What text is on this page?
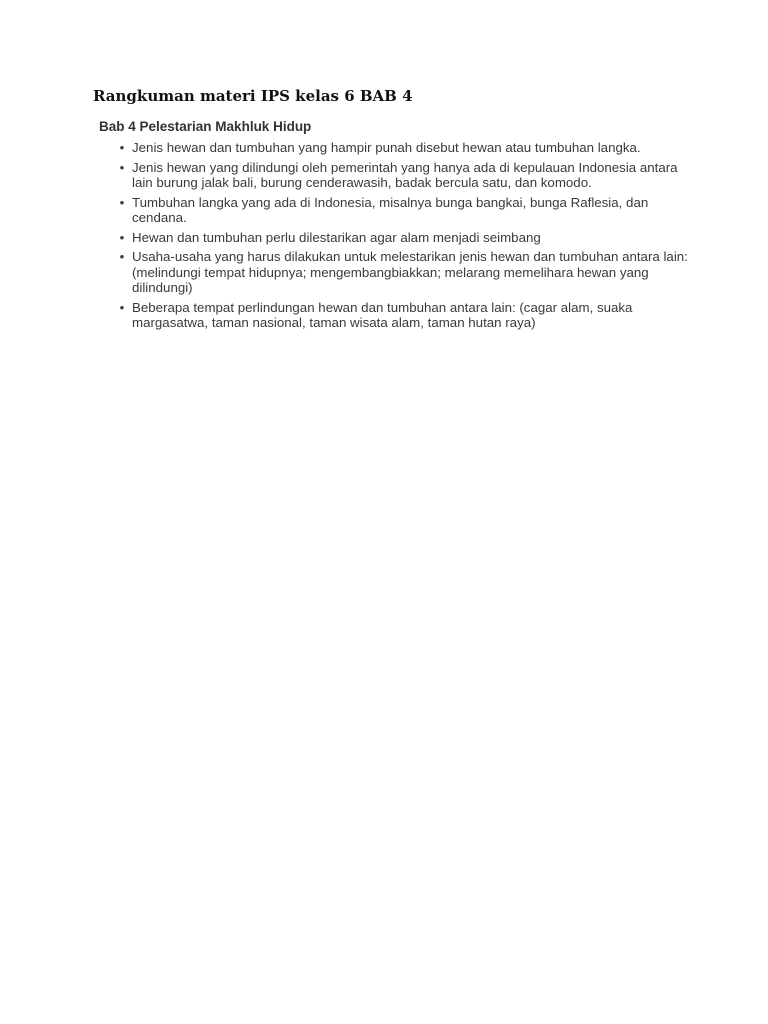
Rangkuman materi IPS kelas 6 BAB 4
Bab 4 Pelestarian Makhluk Hidup
• Jenis hewan dan tumbuhan yang hampir punah disebut hewan atau tumbuhan langka.
• Jenis hewan yang dilindungi oleh pemerintah yang hanya ada di kepulauan Indonesia antara lain burung jalak bali, burung cenderawasih, badak bercula satu, dan komodo.
• Tumbuhan langka yang ada di Indonesia, misalnya bunga bangkai, bunga Raflesia, dan cendana.
• Hewan dan tumbuhan perlu dilestarikan agar alam menjadi seimbang
• Usaha-usaha yang harus dilakukan untuk melestarikan jenis hewan dan tumbuhan antara lain: (melindungi tempat hidupnya; mengembangbiakkan; melarang memelihara hewan yang dilindungi)
• Beberapa tempat perlindungan hewan dan tumbuhan antara lain: (cagar alam, suaka margasatwa, taman nasional, taman wisata alam, taman hutan raya)
